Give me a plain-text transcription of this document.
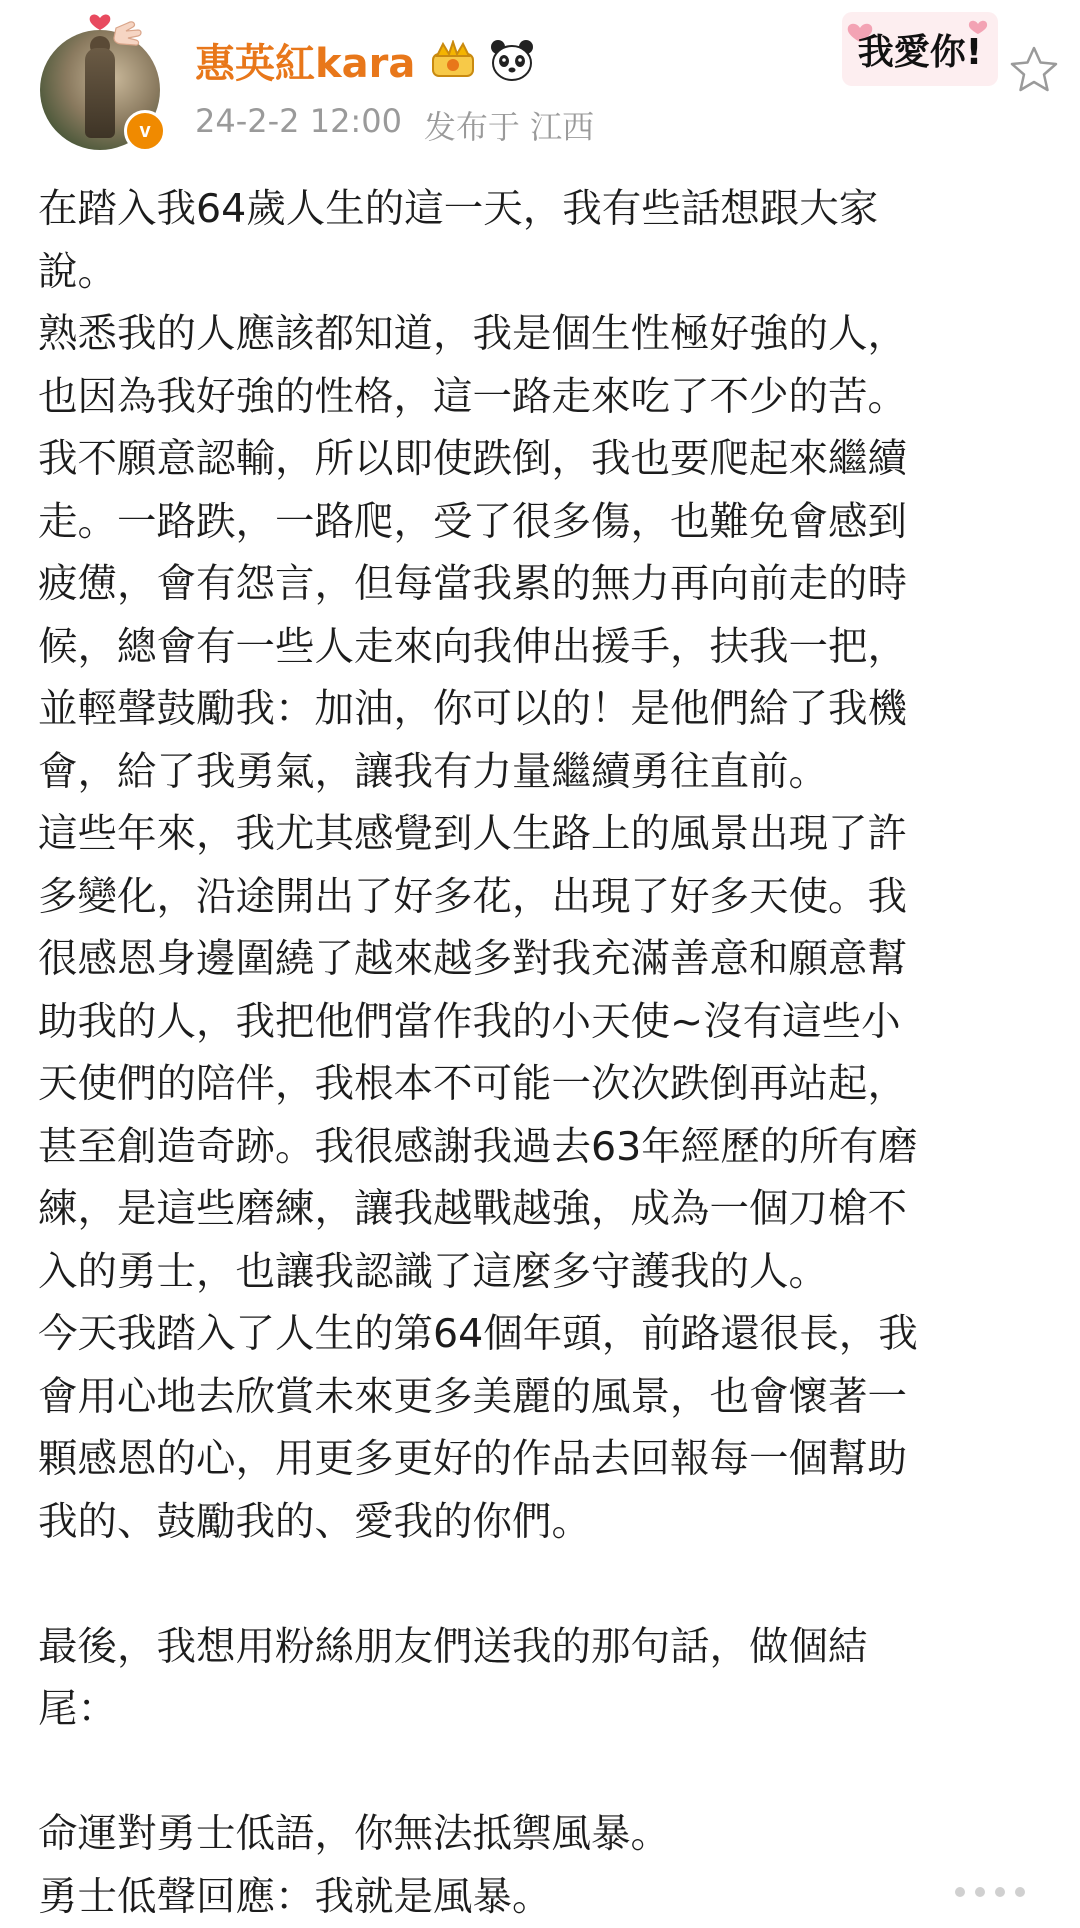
v
惠英紅kara
24-2-2 12:00 发布于 江西
我愛你!
在踏入我64歲人生的這一天，我有些話想跟大家
說。
熟悉我的人應該都知道，我是個生性極好強的人，
也因為我好強的性格，這一路走來吃了不少的苦。
我不願意認輸，所以即使跌倒，我也要爬起來繼續
走。一路跌，一路爬，受了很多傷，也難免會感到
疲憊，會有怨言，但每當我累的無力再向前走的時
候，總會有一些人走來向我伸出援手，扶我一把，
並輕聲鼓勵我：加油，你可以的！是他們給了我機
會，給了我勇氣，讓我有力量繼續勇往直前。
這些年來，我尤其感覺到人生路上的風景出現了許
多變化，沿途開出了好多花，出現了好多天使。我
很感恩身邊圍繞了越來越多對我充滿善意和願意幫
助我的人，我把他們當作我的小天使~沒有這些小
天使們的陪伴，我根本不可能一次次跌倒再站起，
甚至創造奇跡。我很感謝我過去63年經歷的所有磨
練，是這些磨練，讓我越戰越強，成為一個刀槍不
入的勇士，也讓我認識了這麼多守護我的人。
今天我踏入了人生的第64個年頭，前路還很長，我
會用心地去欣賞未來更多美麗的風景，也會懷著一
顆感恩的心，用更多更好的作品去回報每一個幫助
我的、鼓勵我的、愛我的你們。
最後，我想用粉絲朋友們送我的那句話，做個結
尾：
命運對勇士低語，你無法抵禦風暴。
勇士低聲回應：我就是風暴。
